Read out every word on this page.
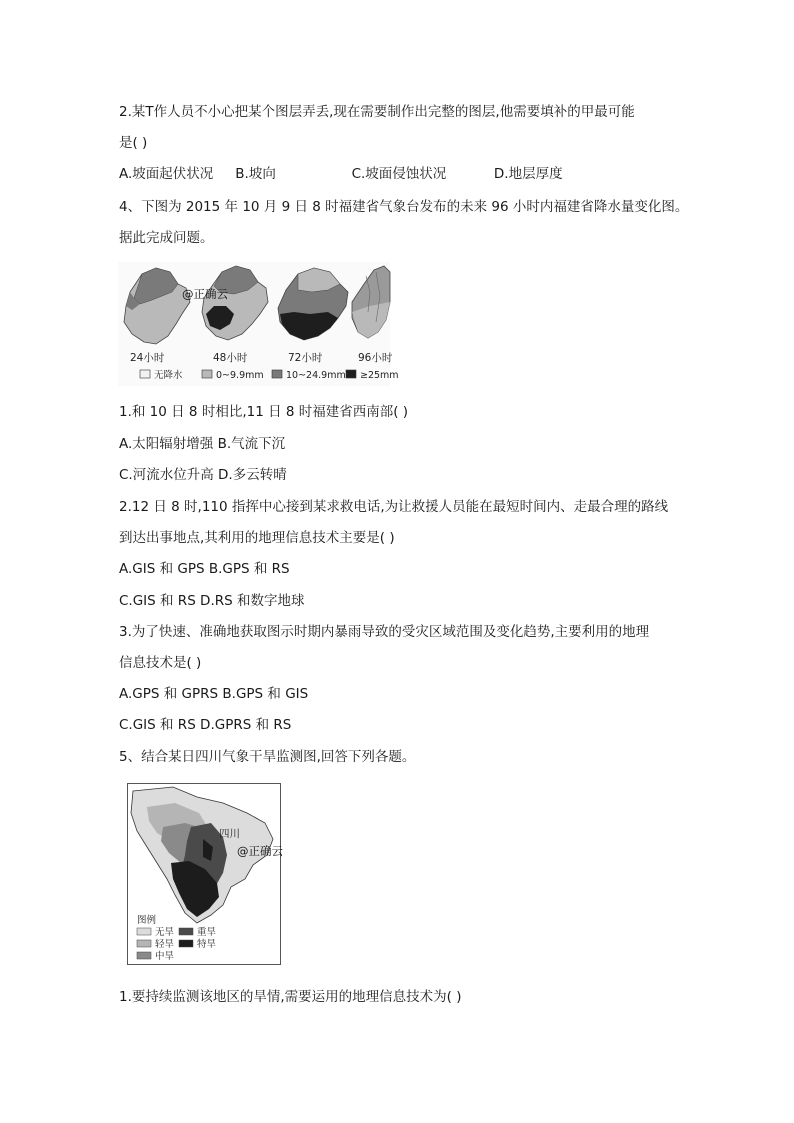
2.某T作人员不小心把某个图层弄丢,现在需要制作出完整的图层,他需要填补的甲最可能
是( )
A.坡面起伏状况 B.坡向	C.坡面侵蚀状况	D.地层厚度
4、下图为 2015 年 10 月 9 日 8 时福建省气象台发布的未来 96 小时内福建省降水量变化图。
据此完成问题。
24小时	48小时	72小时	96小时
无降水	0~9.9mm 10~24.9mm ≥25mm
@正确云
1.和 10 日 8 时相比,11 日 8 时福建省西南部( )
A.太阳辐射增强 B.气流下沉
C.河流水位升高 D.多云转晴
2.12 日 8 时,110 指挥中心接到某求救电话,为让救援人员能在最短时间内、走最合理的路线
到达出事地点,其利用的地理信息技术主要是( )
A.GIS 和 GPS B.GPS 和 RS
C.GIS 和 RS D.RS 和数字地球
3.为了快速、准确地获取图示时期内暴雨导致的受灾区域范围及变化趋势,主要利用的地理
信息技术是( )
A.GPS 和 GPRS B.GPS 和 GIS
C.GIS 和 RS D.GPRS 和 RS
5、结合某日四川气象干旱监测图,回答下列各题。
四川
@正确云
图例
无旱 重旱
轻旱 特旱
中旱
1.要持续监测该地区的旱情,需要运用的地理信息技术为( )
